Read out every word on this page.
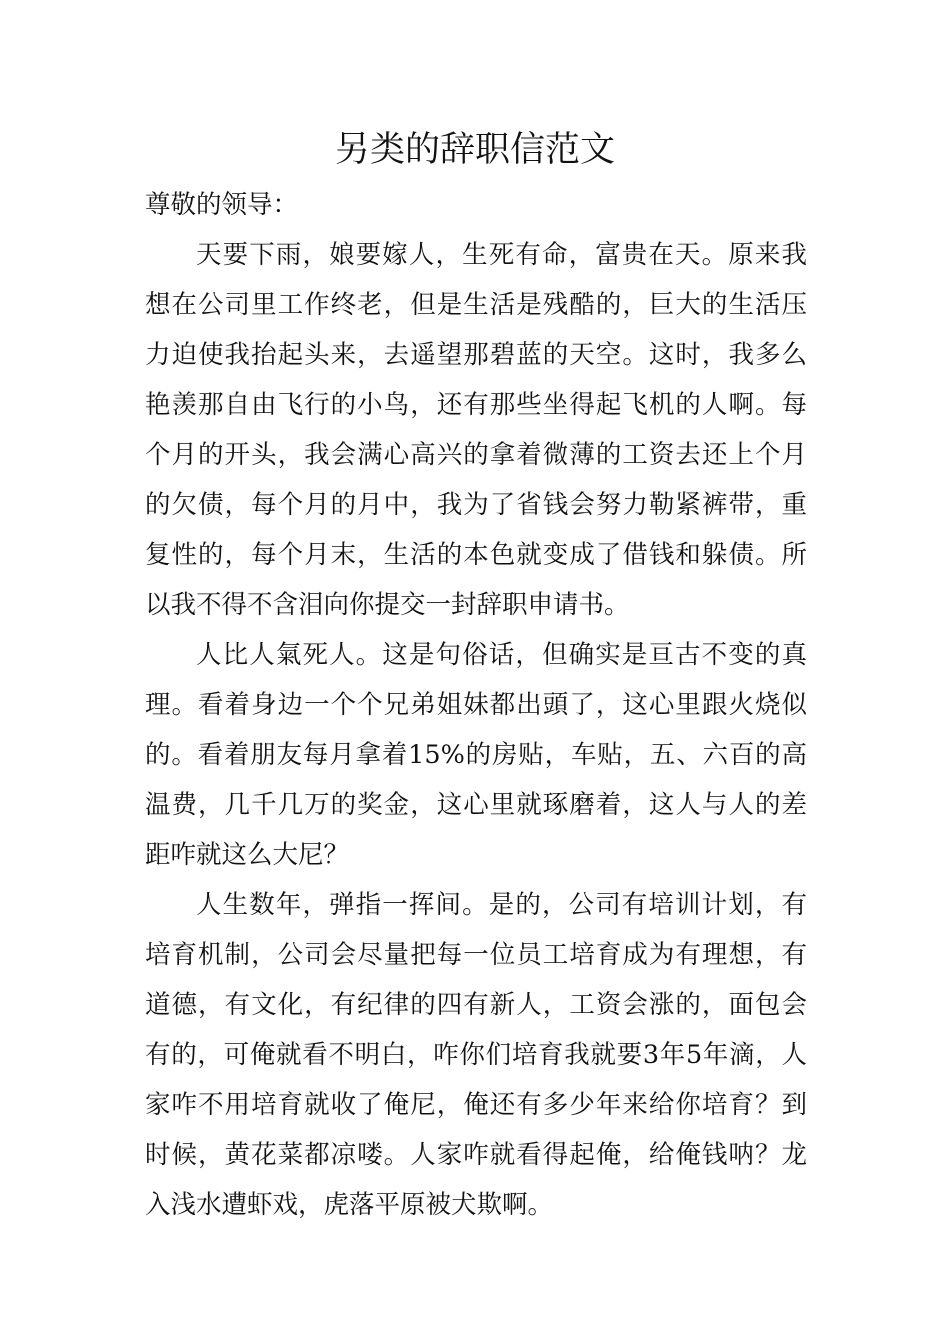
另类的辞职信范文

尊敬的领导：

天要下雨，娘要嫁人，生死有命，富贵在天。原来我想在公司里工作终老，但是生活是残酷的，巨大的生活压力迫使我抬起头来，去遥望那碧蓝的天空。这时，我多么艳羡那自由飞行的小鸟，还有那些坐得起飞机的人啊。每个月的开头，我会满心高兴的拿着微薄的工资去还上个月的欠债，每个月的月中，我为了省钱会努力勒紧裤带，重复性的，每个月末，生活的本色就变成了借钱和躲债。所以我不得不含泪向你提交一封辞职申请书。

人比人氣死人。这是句俗话，但确实是亘古不变的真理。看着身边一个个兄弟姐妹都出頭了，这心里跟火烧似的。看着朋友每月拿着15%的房贴，车贴，五、六百的高温费，几千几万的奖金，这心里就琢磨着，这人与人的差距咋就这么大尼？

人生数年，弹指一挥间。是的，公司有培训计划，有培育机制，公司会尽量把每一位员工培育成为有理想，有道德，有文化，有纪律的四有新人，工资会涨的，面包会有的，可俺就看不明白，咋你们培育我就要3年5年滴，人家咋不用培育就收了俺尼，俺还有多少年来给你培育？到时候，黄花菜都凉喽。人家咋就看得起俺，给俺钱呐？龙入浅水遭虾戏，虎落平原被犬欺啊。
